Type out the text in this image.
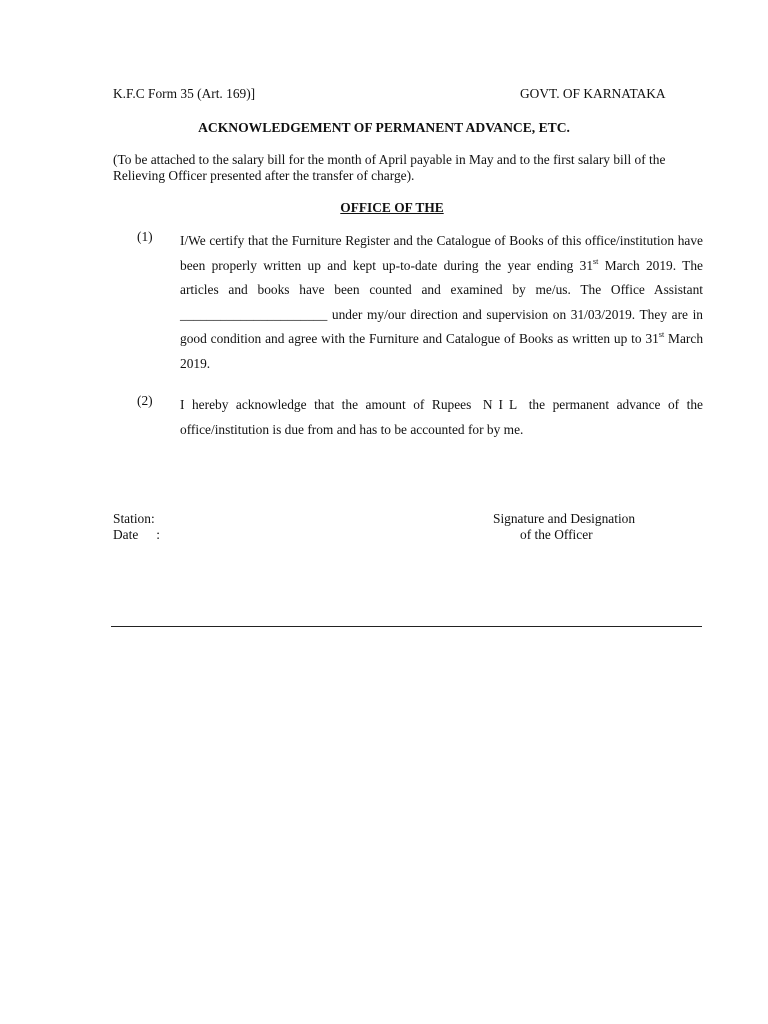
K.F.C Form 35 (Art. 169)]	GOVT. OF KARNATAKA
ACKNOWLEDGEMENT OF PERMANENT ADVANCE, ETC.
(To be attached to the salary bill for the month of April payable in May and to the first salary bill of the Relieving Officer presented after the transfer of charge).
OFFICE OF THE
(1) I/We certify that the Furniture Register and the Catalogue of Books of this office/institution have been properly written up and kept up-to-date during the year ending 31st March 2019. The articles and books have been counted and examined by me/us. The Office Assistant ______________________ under my/our direction and supervision on 31/03/2019. They are in good condition and agree with the Furniture and Catalogue of Books as written up to 31st March 2019.
(2) I hereby acknowledge that the amount of Rupees NIL the permanent advance of the office/institution is due from and has to be accounted for by me.
Station:
Date :
Signature and Designation
of the Officer
